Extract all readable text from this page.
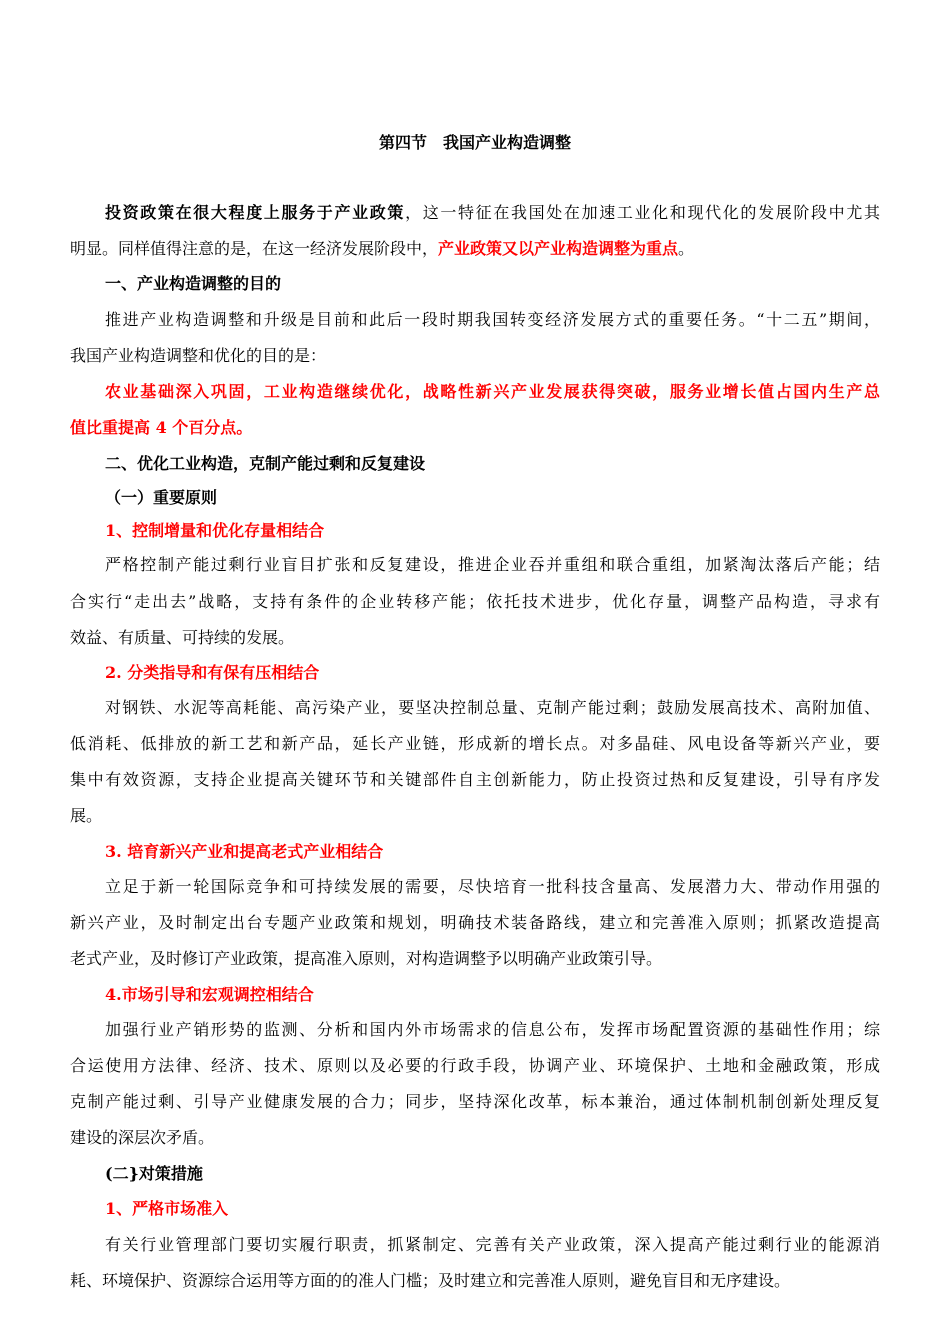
第四节　我国产业构造调整
投资政策在很大程度上服务于产业政策，这一特征在我国处在加速工业化和现代化的发展阶段中尤其
明显。同样值得注意的是，在这一经济发展阶段中，产业政策又以产业构造调整为重点。
一、产业构造调整的目的
推进产业构造调整和升级是目前和此后一段时期我国转变经济发展方式的重要任务。“十二五”期间，
我国产业构造调整和优化的目的是：
农业基础深入巩固，工业构造继续优化，战略性新兴产业发展获得突破，服务业增长值占国内生产总
值比重提高 4 个百分点。
二、优化工业构造，克制产能过剩和反复建设
（一）重要原则
1、控制增量和优化存量相结合
严格控制产能过剩行业盲目扩张和反复建设，推进企业吞并重组和联合重组，加紧淘汰落后产能；结
合实行“走出去”战略，支持有条件的企业转移产能；依托技术进步，优化存量，调整产品构造，寻求有
效益、有质量、可持续的发展。
2. 分类指导和有保有压相结合
对钢铁、水泥等高耗能、高污染产业，要坚决控制总量、克制产能过剩；鼓励发展高技术、高附加值、
低消耗、低排放的新工艺和新产品，延长产业链，形成新的增长点。对多晶硅、风电设备等新兴产业，要
集中有效资源，支持企业提高关键环节和关键部件自主创新能力，防止投资过热和反复建设，引导有序发
展。
3. 培育新兴产业和提高老式产业相结合
立足于新一轮国际竞争和可持续发展的需要，尽快培育一批科技含量高、发展潜力大、带动作用强的
新兴产业，及时制定出台专题产业政策和规划，明确技术装备路线，建立和完善准入原则；抓紧改造提高
老式产业，及时修订产业政策，提高准入原则，对构造调整予以明确产业政策引导。
4.市场引导和宏观调控相结合
加强行业产销形势的监测、分析和国内外市场需求的信息公布，发挥市场配置资源的基础性作用；综
合运使用方法律、经济、技术、原则以及必要的行政手段，协调产业、环境保护、土地和金融政策，形成
克制产能过剩、引导产业健康发展的合力；同步，坚持深化改革，标本兼治，通过体制机制创新处理反复
建设的深层次矛盾。
(二}对策措施
1、严格市场准入
有关行业管理部门要切实履行职责，抓紧制定、完善有关产业政策，深入提高产能过剩行业的能源消
耗、环境保护、资源综合运用等方面的的准人门槛；及时建立和完善准人原则，避免盲目和无序建设。
